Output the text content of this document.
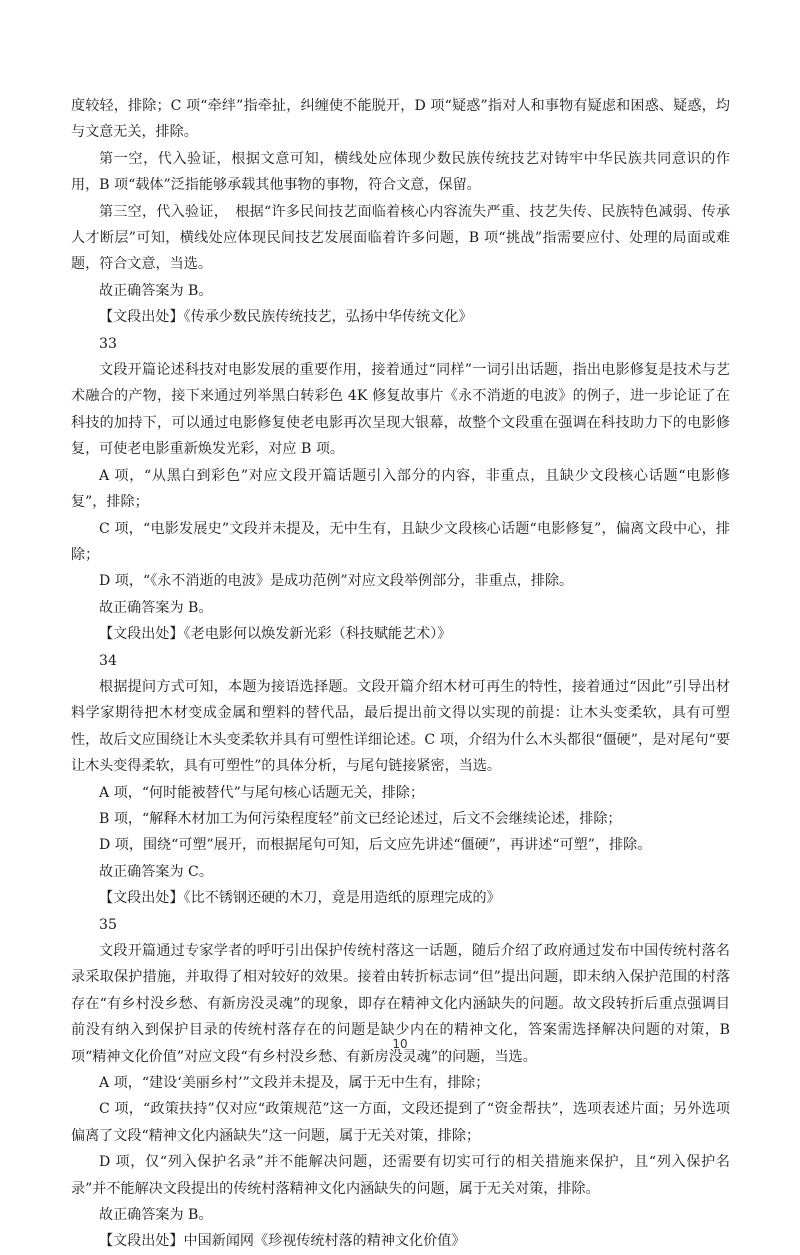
度较轻，排除；C 项“牵绊”指牵扯，纠缠使不能脱开，D 项“疑惑”指对人和事物有疑虑和困惑、疑惑，均与文意无关，排除。

第一空，代入验证，根据文意可知，横线处应体现少数民族传统技艺对铸牢中华民族共同意识的作用，B 项“载体”泛指能够承载其他事物的事物，符合文意，保留。

第三空，代入验证，　根据“许多民间技艺面临着核心内容流失严重、技艺失传、民族特色减弱、传承人才断层”可知，横线处应体现民间技艺发展面临着许多问题，B 项“挑战”指需要应付、处理的局面或难题，符合文意，当选。

故正确答案为 B。

【文段出处】《传承少数民族传统技艺，弘扬中华传统文化》

33

文段开篇论述科技对电影发展的重要作用，接着通过“同样”一词引出话题，指出电影修复是技术与艺术融合的产物，接下来通过列举黑白转彩色 4K 修复故事片《永不消逝的电波》的例子，进一步论证了在科技的加持下，可以通过电影修复使老电影再次呈现大银幕，故整个文段重在强调在科技助力下的电影修复，可使老电影重新焕发光彩，对应 B 项。

A 项，“从黑白到彩色”对应文段开篇话题引入部分的内容，非重点，且缺少文段核心话题“电影修复”，排除；

C 项，“电影发展史”文段并未提及，无中生有，且缺少文段核心话题“电影修复”，偏离文段中心，排除；

D 项，“《永不消逝的电波》是成功范例”对应文段举例部分，非重点，排除。

故正确答案为 B。

【文段出处】《老电影何以焕发新光彩（科技赋能艺术）》

34

根据提问方式可知，本题为接语选择题。文段开篇介绍木材可再生的特性，接着通过“因此”引导出材料学家期待把木材变成金属和塑料的替代品，最后提出前文得以实现的前提：让木头变柔软，具有可塑性，故后文应围绕让木头变柔软并具有可塑性详细论述。C 项，介绍为什么木头都很“僵硬”，是对尾句“要让木头变得柔软，具有可塑性”的具体分析，与尾句链接紧密，当选。

A 项，“何时能被替代”与尾句核心话题无关，排除；

B 项，“解释木材加工为何污染程度轻”前文已经论述过，后文不会继续论述，排除；

D 项，围绕“可塑”展开，而根据尾句可知，后文应先讲述“僵硬”，再讲述“可塑”，排除。

故正确答案为 C。

【文段出处】《比不锈钢还硬的木刀，竟是用造纸的原理完成的》

35

文段开篇通过专家学者的呼吁引出保护传统村落这一话题，随后介绍了政府通过发布中国传统村落名录采取保护措施，并取得了相对较好的效果。接着由转折标志词“但”提出问题，即未纳入保护范围的村落存在“有乡村没乡愁、有新房没灵魂”的现象，即存在精神文化内涵缺失的问题。故文段转折后重点强调目前没有纳入到保护目录的传统村落存在的问题是缺少内在的精神文化，答案需选择解决问题的对策，B 项“精神文化价值”对应文段“有乡村没乡愁、有新房没灵魂”的问题，当选。

A 项，“建设‘美丽乡村’”文段并未提及，属于无中生有，排除；

C 项，“政策扶持”仅对应“政策规范”这一方面，文段还提到了“资金帮扶”，选项表述片面；另外选项偏离了文段“精神文化内涵缺失”这一问题，属于无关对策，排除；

D 项，仅“列入保护名录”并不能解决问题，还需要有切实可行的相关措施来保护，且“列入保护名录”并不能解决文段提出的传统村落精神文化内涵缺失的问题，属于无关对策，排除。

故正确答案为 B。

【文段出处】中国新闻网《珍视传统村落的精神文化价值》

10
